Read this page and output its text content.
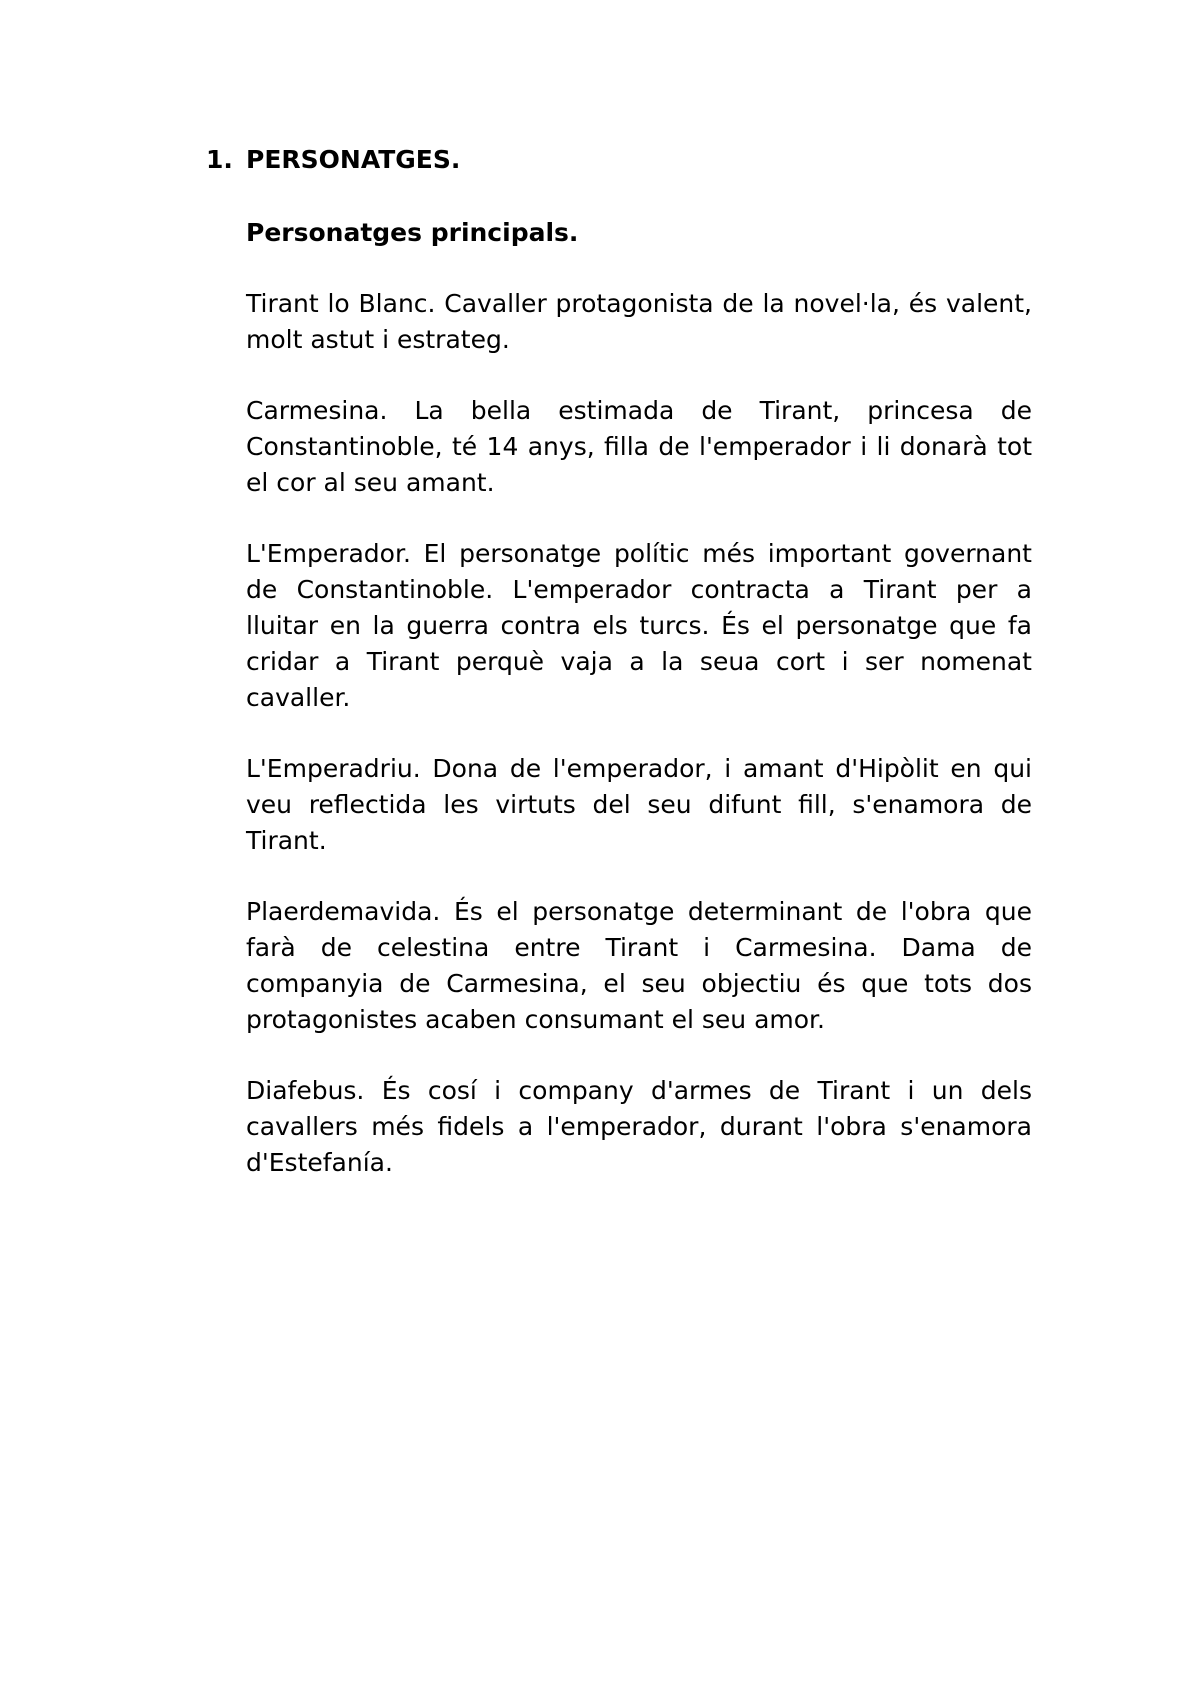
1. PERSONATGES.
Personatges principals.

Tirant lo Blanc. Cavaller protagonista de la novel·la, és valent, molt astut i estrateg.

Carmesina. La bella estimada de Tirant, princesa de Constantinoble, té 14 anys, filla de l'emperador i li donarà tot el cor al seu amant.

L'Emperador. El personatge polític més important governant de Constantinoble. L'emperador contracta a Tirant per a lluitar en la guerra contra els turcs. És el personatge que fa cridar a Tirant perquè vaja a la seua cort i ser nomenat cavaller.

L'Emperadriu. Dona de l'emperador, i amant d'Hipòlit en qui veu reflectida les virtuts del seu difunt fill, s'enamora de Tirant.

Plaerdemavida. És el personatge determinant de l'obra que farà de celestina entre Tirant i Carmesina. Dama de companyia de Carmesina, el seu objectiu és que tots dos protagonistes acaben consumant el seu amor.

Diafebus. És cosí i company d'armes de Tirant i un dels cavallers més fidels a l'emperador, durant l'obra s'enamora d'Estefanía.
